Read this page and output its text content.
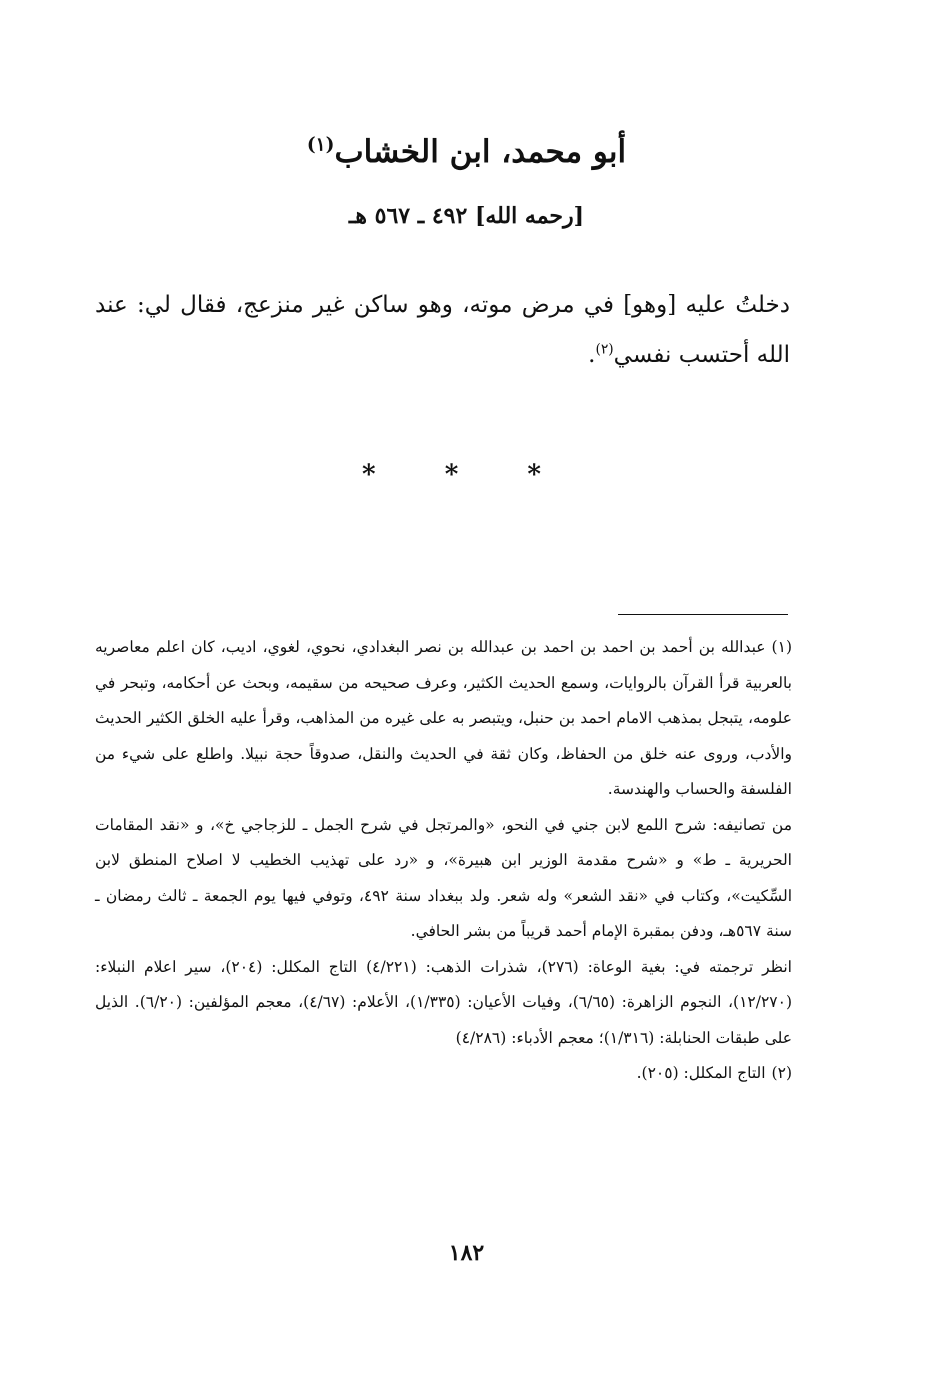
أبو محمد، ابن الخشاب$^{(١)}$
[رحمه الله] ٤٩٢ ـ ٥٦٧ هـ
دخلتُ عليه [وهو] في مرض موته، وهو ساكن غير منزعج، فقال لي: عند الله أحتسب نفسي$^{(٢)}$.
* * *

(١)عبدالله بن أحمد بن احمد بن احمد بن عبدالله بن نصر البغدادي، نحوي، لغوي، اديب، كان اعلم معاصريه بالعربية قرأ القرآن بالروايات، وسمع الحديث الكثير، وعرف صحيحه من سقيمه، وبحث عن أحكامه، وتبحر في علومه، يتبجل بمذهب الامام احمد بن حنبل، ويتبصر به على غيره من المذاهب، وقرأ عليه الخلق الكثير الحديث والأدب، وروى عنه خلق من الحفاظ، وكان ثقة في الحديث والنقل، صدوقاً حجة نبيلا. واطلع على شيء من الفلسفة والحساب والهندسة.

من تصانيفه: شرح اللمع لابن جني في النحو، «والمرتجل في شرح الجمل ـ للزجاجي خ»، و «نقد المقامات الحريرية ـ ط» و «شرح مقدمة الوزير ابن هبيرة»، و «رد على تهذيب الخطيب لا اصلاح المنطق لابن السِّكيت»، وكتاب في «نقد الشعر» وله شعر. ولد ببغداد سنة ٤٩٢، وتوفي فيها يوم الجمعة ـ ثالث رمضان ـ سنة ٥٦٧هـ، ودفن بمقبرة الإمام أحمد قريباً من بشر الحافي.

انظر ترجمته في: بغية الوعاة: (٢٧٦)، شذرات الذهب: (٤/٢٢١) التاج المكلل: (٢٠٤)، سير اعلام النبلاء: (١٢/٢٧٠)، النجوم الزاهرة: (٦/٦٥)، وفيات الأعيان: (١/٣٣٥)، الأعلام: (٤/٦٧)، معجم المؤلفين: (٦/٢٠). الذيل على طبقات الحنابلة: (١/٣١٦)؛ معجم الأدباء: (٤/٢٨٦)

(٢)التاج المكلل: (٢٠٥).

١٨٢
